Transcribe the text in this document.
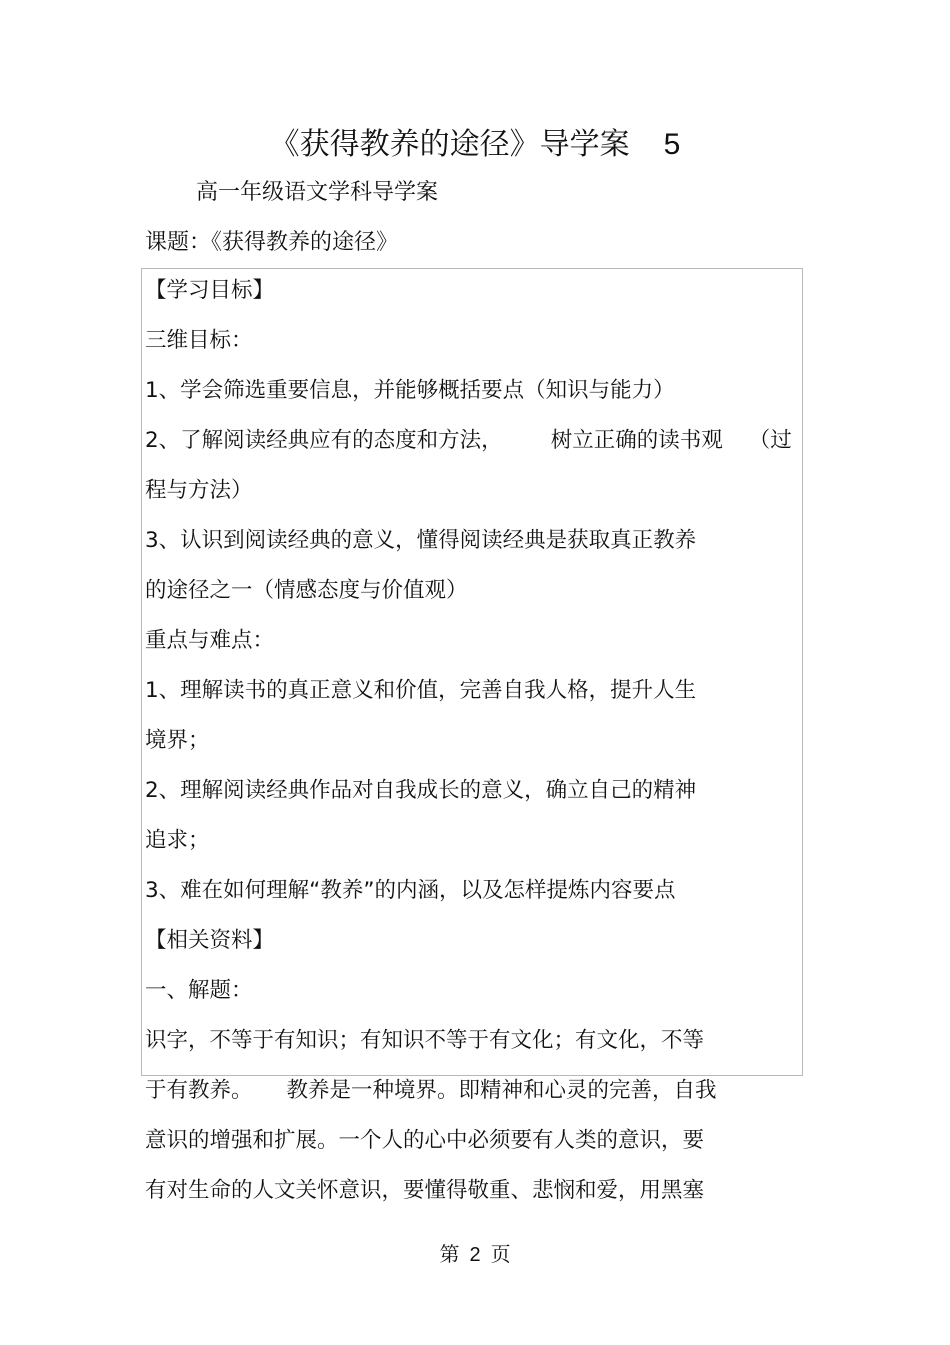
《获得教养的途径》导学案 5
高一年级语文学科导学案
课题：《获得教养的途径》
【学习目标】
三维目标：
1、学会筛选重要信息，并能够概括要点（知识与能力）
2、了解阅读经典应有的态度和方法， 树立正确的读书观 （过
程与方法）
3、认识到阅读经典的意义，懂得阅读经典是获取真正教养
的途径之一（情感态度与价值观）
重点与难点：
1、理解读书的真正意义和价值，完善自我人格，提升人生
境界；
2、理解阅读经典作品对自我成长的意义，确立自己的精神
追求；
3、难在如何理解“教养”的内涵，以及怎样提炼内容要点
【相关资料】
一、解题：
识字，不等于有知识；有知识不等于有文化；有文化，不等
于有教养。 教养是一种境界。即精神和心灵的完善，自我
意识的增强和扩展。一个人的心中必须要有人类的意识，要
有对生命的人文关怀意识，要懂得敬重、悲悯和爱，用黑塞
第 2 页
